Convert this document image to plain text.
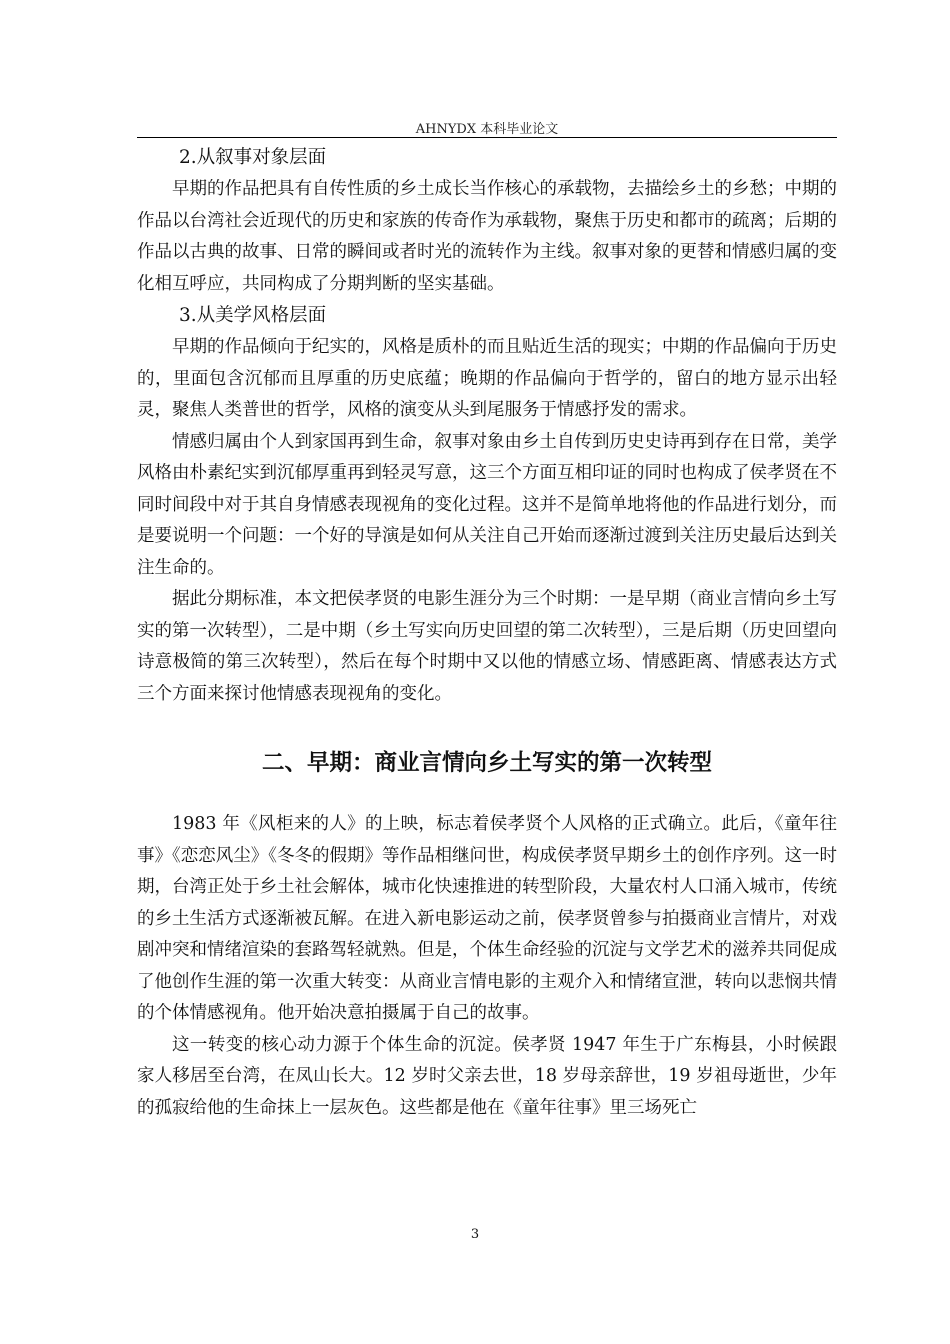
AHNYDX 本科毕业论文

2.从叙事对象层面

早期的作品把具有自传性质的乡土成长当作核心的承载物，去描绘乡土的乡愁；中期的作品以台湾社会近现代的历史和家族的传奇作为承载物，聚焦于历史和都市的疏离；后期的作品以古典的故事、日常的瞬间或者时光的流转作为主线。叙事对象的更替和情感归属的变化相互呼应，共同构成了分期判断的坚实基础。

3.从美学风格层面

早期的作品倾向于纪实的，风格是质朴的而且贴近生活的现实；中期的作品偏向于历史的，里面包含沉郁而且厚重的历史底蕴；晚期的作品偏向于哲学的，留白的地方显示出轻灵，聚焦人类普世的哲学，风格的演变从头到尾服务于情感抒发的需求。

情感归属由个人到家国再到生命，叙事对象由乡土自传到历史史诗再到存在日常，美学风格由朴素纪实到沉郁厚重再到轻灵写意，这三个方面互相印证的同时也构成了侯孝贤在不同时间段中对于其自身情感表现视角的变化过程。这并不是简单地将他的作品进行划分，而是要说明一个问题：一个好的导演是如何从关注自己开始而逐渐过渡到关注历史最后达到关注生命的。

据此分期标准，本文把侯孝贤的电影生涯分为三个时期：一是早期（商业言情向乡土写实的第一次转型），二是中期（乡土写实向历史回望的第二次转型），三是后期（历史回望向诗意极简的第三次转型），然后在每个时期中又以他的情感立场、情感距离、情感表达方式三个方面来探讨他情感表现视角的变化。

二、早期：商业言情向乡土写实的第一次转型

1983 年《风柜来的人》的上映，标志着侯孝贤个人风格的正式确立。此后，《童年往事》《恋恋风尘》《冬冬的假期》等作品相继问世，构成侯孝贤早期乡土的创作序列。这一时期，台湾正处于乡土社会解体，城市化快速推进的转型阶段，大量农村人口涌入城市，传统的乡土生活方式逐渐被瓦解。在进入新电影运动之前，侯孝贤曾参与拍摄商业言情片，对戏剧冲突和情绪渲染的套路驾轻就熟。但是，个体生命经验的沉淀与文学艺术的滋养共同促成了他创作生涯的第一次重大转变：从商业言情电影的主观介入和情绪宣泄，转向以悲悯共情的个体情感视角。他开始决意拍摄属于自己的故事。

这一转变的核心动力源于个体生命的沉淀。侯孝贤 1947 年生于广东梅县，小时候跟家人移居至台湾，在凤山长大。12 岁时父亲去世，18 岁母亲辞世，19 岁祖母逝世，少年的孤寂给他的生命抹上一层灰色。这些都是他在《童年往事》里三场死亡

3
